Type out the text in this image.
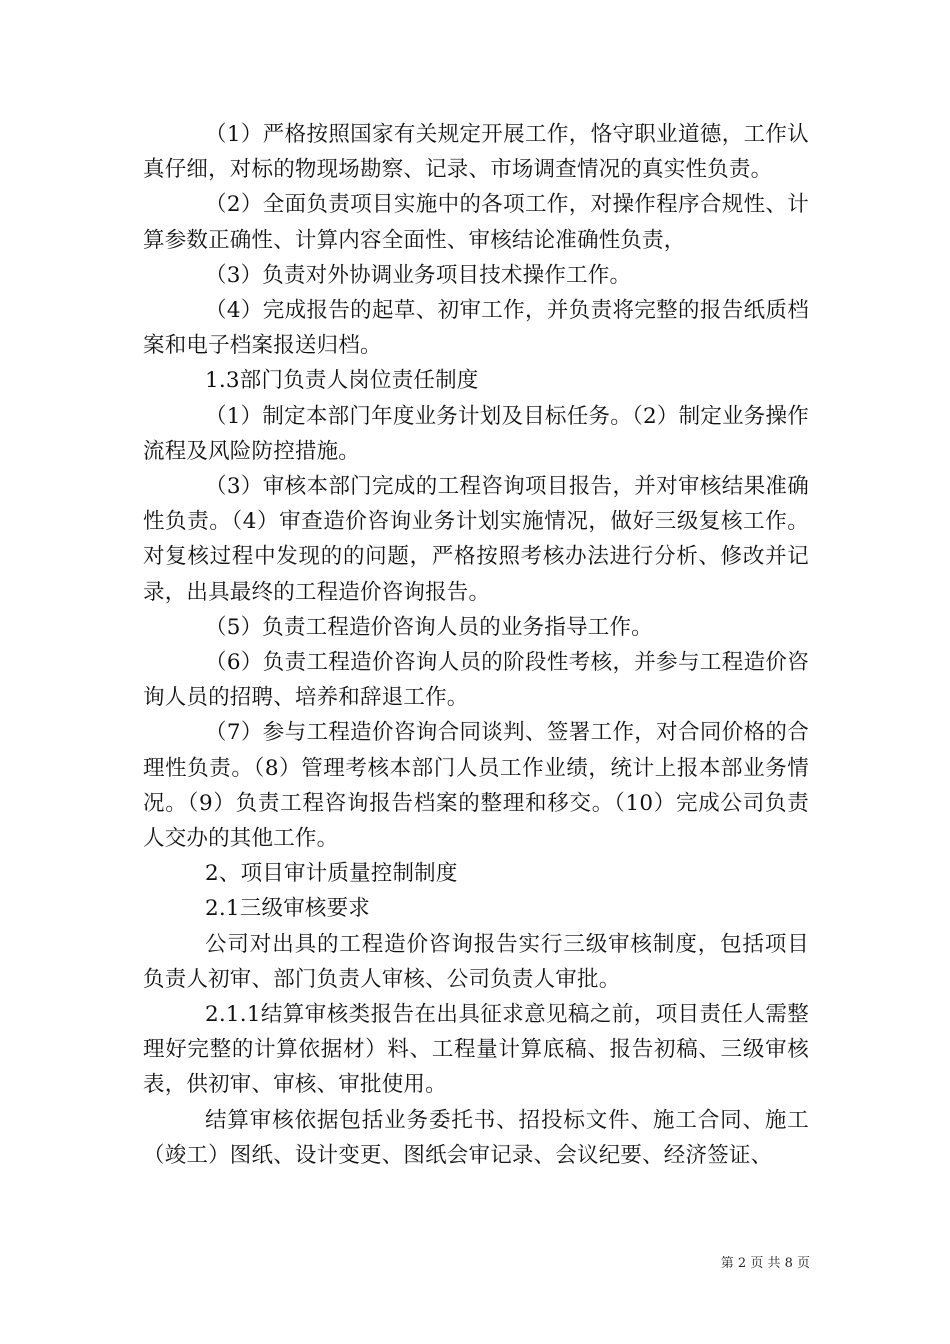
（1）严格按照国家有关规定开展工作，恪守职业道德，工作认真仔细，对标的物现场勘察、记录、市场调查情况的真实性负责。

（2）全面负责项目实施中的各项工作，对操作程序合规性、计算参数正确性、计算内容全面性、审核结论准确性负责，

（3）负责对外协调业务项目技术操作工作。

（4）完成报告的起草、初审工作，并负责将完整的报告纸质档案和电子档案报送归档。

1.3部门负责人岗位责任制度

（1）制定本部门年度业务计划及目标任务。（2）制定业务操作流程及风险防控措施。

（3）审核本部门完成的工程咨询项目报告，并对审核结果准确性负责。（4）审查造价咨询业务计划实施情况，做好三级复核工作。对复核过程中发现的的问题，严格按照考核办法进行分析、修改并记录，出具最终的工程造价咨询报告。

（5）负责工程造价咨询人员的业务指导工作。

（6）负责工程造价咨询人员的阶段性考核，并参与工程造价咨询人员的招聘、培养和辞退工作。

（7）参与工程造价咨询合同谈判、签署工作，对合同价格的合理性负责。（8）管理考核本部门人员工作业绩，统计上报本部业务情况。（9）负责工程咨询报告档案的整理和移交。（10）完成公司负责人交办的其他工作。

2、项目审计质量控制制度

2.1三级审核要求

公司对出具的工程造价咨询报告实行三级审核制度，包括项目负责人初审、部门负责人审核、公司负责人审批。

2.1.1结算审核类报告在出具征求意见稿之前，项目责任人需整理好完整的计算依据材）料、工程量计算底稿、报告初稿、三级审核表，供初审、审核、审批使用。

结算审核依据包括业务委托书、招投标文件、施工合同、施工（竣工）图纸、设计变更、图纸会审记录、会议纪要、经济签证、

第 2 页 共 8 页
